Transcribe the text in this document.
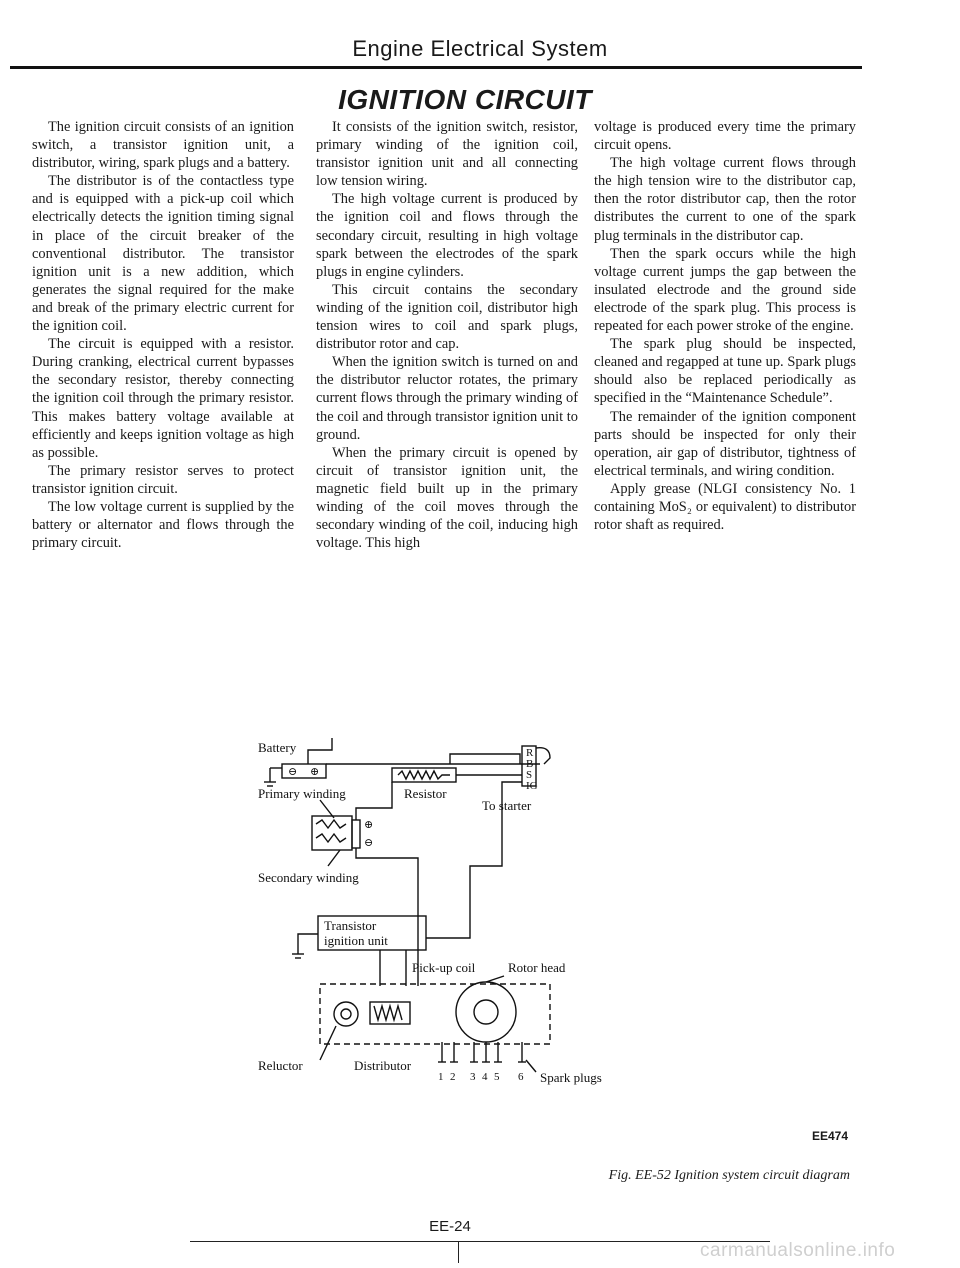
Engine Electrical System
IGNITION CIRCUIT

The ignition circuit consists of an ignition switch, a transistor ignition unit, a distributor, wiring, spark plugs and a battery.

The distributor is of the contactless type and is equipped with a pick-up coil which electrically detects the ignition timing signal in place of the circuit breaker of the conventional distributor. The transistor ignition unit is a new addition, which generates the signal required for the make and break of the primary electric current for the ignition coil.

The circuit is equipped with a resistor. During cranking, electrical current bypasses the secondary resistor, thereby connecting the ignition coil through the primary resistor. This makes battery voltage available at efficiently and keeps ignition voltage as high as possible.

The primary resistor serves to protect transistor ignition circuit.

The low voltage current is supplied by the battery or alternator and flows through the primary circuit.

It consists of the ignition switch, resistor, primary winding of the ignition coil, transistor ignition unit and all connecting low tension wiring.

The high voltage current is produced by the ignition coil and flows through the secondary circuit, resulting in high voltage spark between the electrodes of the spark plugs in engine cylinders.

This circuit contains the secondary winding of the ignition coil, distributor high tension wires to coil and spark plugs, distributor rotor and cap.

When the ignition switch is turned on and the distributor reluctor rotates, the primary current flows through the primary winding of the coil and through transistor ignition unit to ground.

When the primary circuit is opened by circuit of transistor ignition unit, the magnetic field built up in the primary winding of the coil moves through the secondary winding of the coil, inducing high voltage. This high

voltage is produced every time the primary circuit opens.

The high voltage current flows through the high tension wire to the distributor cap, then the rotor distributor cap, then the rotor distributes the current to one of the spark plug terminals in the distributor cap.

Then the spark occurs while the high voltage current jumps the gap between the insulated electrode and the ground side electrode of the spark plug. This process is repeated for each power stroke of the engine.

The spark plug should be inspected, cleaned and regapped at tune up. Spark plugs should also be replaced periodically as specified in the “Maintenance Schedule”.

The remainder of the ignition component parts should be inspected for only their operation, air gap of distributor, tightness of electrical terminals, and wiring condition.

Apply grease (NLGI consistency No. 1 containing MoS₂ or equivalent) to distributor rotor shaft as required.

Battery
⊖ ⊕
R
B
S
IG
Resistor
To starter
Primary winding
⊕
⊖
Secondary winding
Transistor
ignition unit
Pick-up coil	Rotor head
Reluctor	Distributor
1 2 3 4 5 6 Spark plugs
EE474
Fig. EE-52 Ignition system circuit diagram
EE-24
carmanualsonline.info
